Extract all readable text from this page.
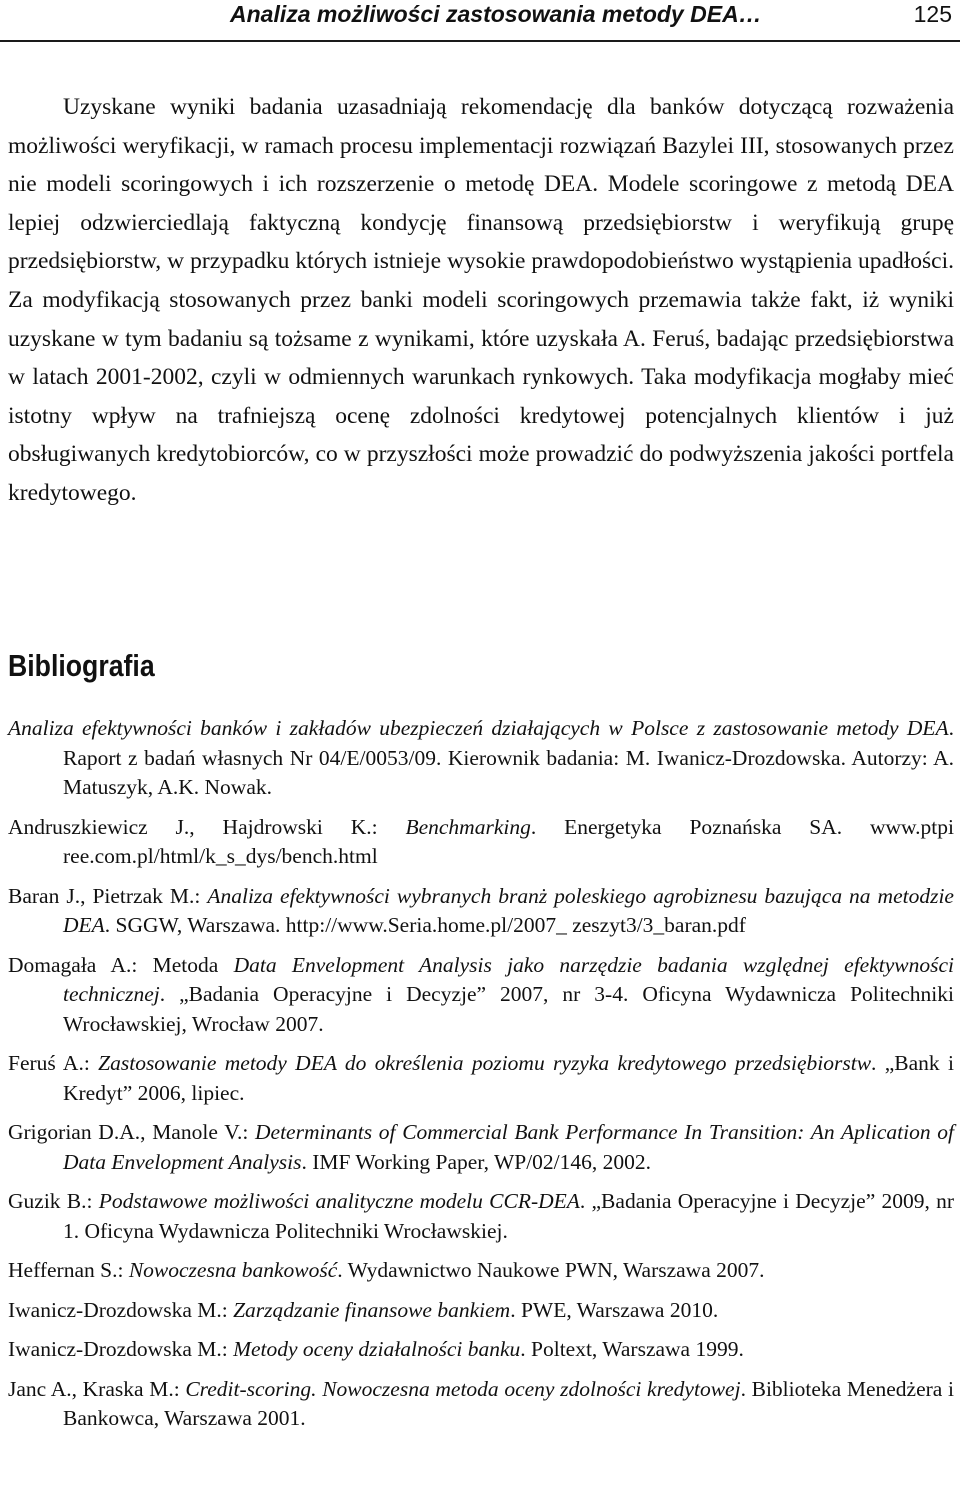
Analiza możliwości zastosowania metody DEA…	125

Uzyskane wyniki badania uzasadniają rekomendację dla banków dotyczącą rozważenia możliwości weryfikacji, w ramach procesu implementacji rozwiązań Bazylei III, stosowanych przez nie modeli scoringowych i ich rozszerzenie o metodę DEA. Modele scoringowe z metodą DEA lepiej odzwierciedlają faktyczną kondycję finansową przedsiębiorstw i weryfikują grupę przedsiębiorstw, w przypadku których istnieje wysokie prawdopodobieństwo wystąpienia upadłości. Za modyfikacją stosowanych przez banki modeli scoringowych przemawia także fakt, iż wyniki uzyskane w tym badaniu są tożsame z wynikami, które uzyskała A. Feruś, badając przedsiębiorstwa w latach 2001-2002, czyli w odmiennych warunkach rynkowych. Taka modyfikacja mogłaby mieć istotny wpływ na trafniejszą ocenę zdolności kredytowej potencjalnych klientów i już obsługiwanych kredytobiorców, co w przyszłości może prowadzić do podwyższenia jakości portfela kredytowego.

Bibliografia
Analiza efektywności banków i zakładów ubezpieczeń działających w Polsce z zastosowanie metody DEA. Raport z badań własnych Nr 04/E/0053/09. Kierownik badania: M. Iwanicz-Drozdowska. Autorzy: A. Matuszyk, A.K. Nowak.
Andruszkiewicz J., Hajdrowski K.: Benchmarking. Energetyka Poznańska SA. www.ptpi ree.com.pl/html/k_s_dys/bench.html
Baran J., Pietrzak M.: Analiza efektywności wybranych branż poleskiego agrobiznesu bazująca na metodzie DEA. SGGW, Warszawa. http://www.Seria.home.pl/2007_ zeszyt3/3_baran.pdf
Domagała A.: Metoda Data Envelopment Analysis jako narzędzie badania względnej efektywności technicznej. „Badania Operacyjne i Decyzje” 2007, nr 3-4. Oficyna Wydawnicza Politechniki Wrocławskiej, Wrocław 2007.
Feruś A.: Zastosowanie metody DEA do określenia poziomu ryzyka kredytowego przedsiębiorstw. „Bank i Kredyt” 2006, lipiec.
Grigorian D.A., Manole V.: Determinants of Commercial Bank Performance In Transition: An Aplication of Data Envelopment Analysis. IMF Working Paper, WP/02/146, 2002.
Guzik B.: Podstawowe możliwości analityczne modelu CCR-DEA. „Badania Operacyjne i Decyzje” 2009, nr 1. Oficyna Wydawnicza Politechniki Wrocławskiej.
Heffernan S.: Nowoczesna bankowość. Wydawnictwo Naukowe PWN, Warszawa 2007.
Iwanicz-Drozdowska M.: Zarządzanie finansowe bankiem. PWE, Warszawa 2010.
Iwanicz-Drozdowska M.: Metody oceny działalności banku. Poltext, Warszawa 1999.
Janc A., Kraska M.: Credit-scoring. Nowoczesna metoda oceny zdolności kredytowej. Biblioteka Menedżera i Bankowca, Warszawa 2001.
